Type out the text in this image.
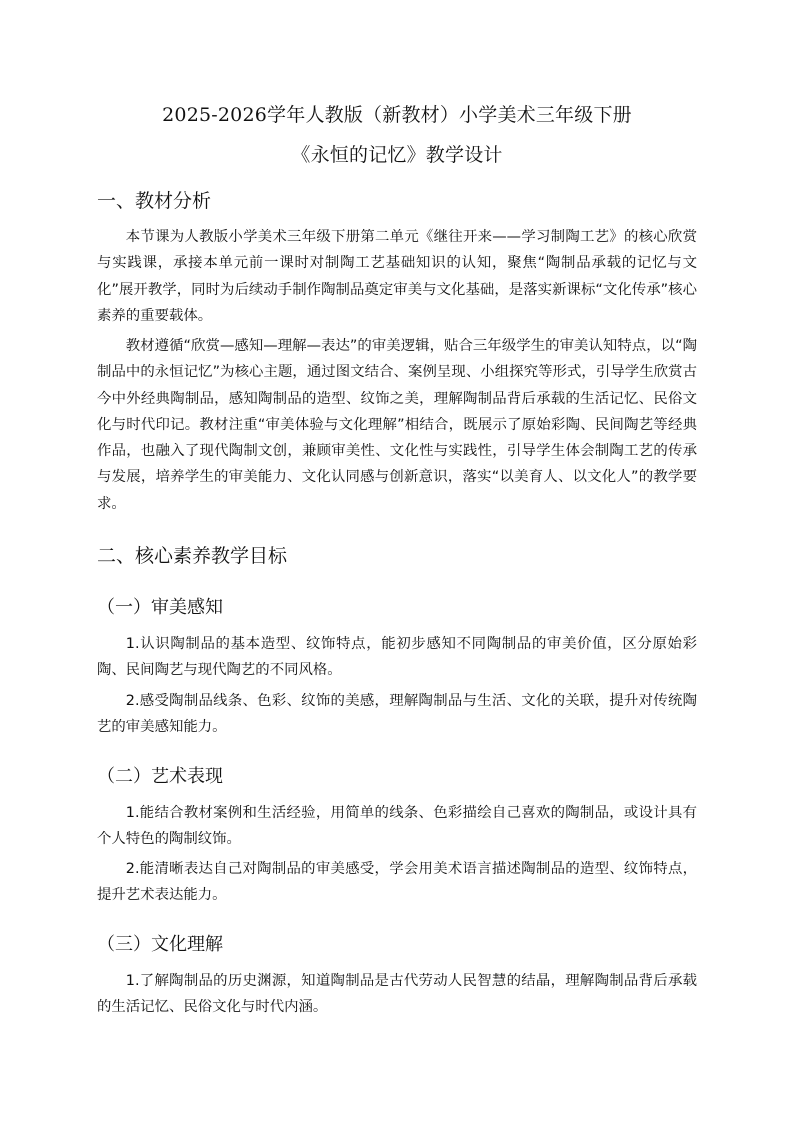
2025-2026学年人教版（新教材）小学美术三年级下册
《永恒的记忆》教学设计
一、教材分析

本节课为人教版小学美术三年级下册第二单元《继往开来——学习制陶工艺》的核心欣赏与实践课，承接本单元前一课时对制陶工艺基础知识的认知，聚焦“陶制品承载的记忆与文化”展开教学，同时为后续动手制作陶制品奠定审美与文化基础，是落实新课标“文化传承”核心素养的重要载体。

教材遵循“欣赏—感知—理解—表达”的审美逻辑，贴合三年级学生的审美认知特点，以“陶制品中的永恒记忆”为核心主题，通过图文结合、案例呈现、小组探究等形式，引导学生欣赏古今中外经典陶制品，感知陶制品的造型、纹饰之美，理解陶制品背后承载的生活记忆、民俗文化与时代印记。教材注重“审美体验与文化理解”相结合，既展示了原始彩陶、民间陶艺等经典作品，也融入了现代陶制文创，兼顾审美性、文化性与实践性，引导学生体会制陶工艺的传承与发展，培养学生的审美能力、文化认同感与创新意识，落实“以美育人、以文化人”的教学要求。

二、核心素养教学目标
（一）审美感知

1.认识陶制品的基本造型、纹饰特点，能初步感知不同陶制品的审美价值，区分原始彩陶、民间陶艺与现代陶艺的不同风格。

2.感受陶制品线条、色彩、纹饰的美感，理解陶制品与生活、文化的关联，提升对传统陶艺的审美感知能力。

（二）艺术表现

1.能结合教材案例和生活经验，用简单的线条、色彩描绘自己喜欢的陶制品，或设计具有个人特色的陶制纹饰。

2.能清晰表达自己对陶制品的审美感受，学会用美术语言描述陶制品的造型、纹饰特点，提升艺术表达能力。

（三）文化理解

1.了解陶制品的历史渊源，知道陶制品是古代劳动人民智慧的结晶，理解陶制品背后承载的生活记忆、民俗文化与时代内涵。
